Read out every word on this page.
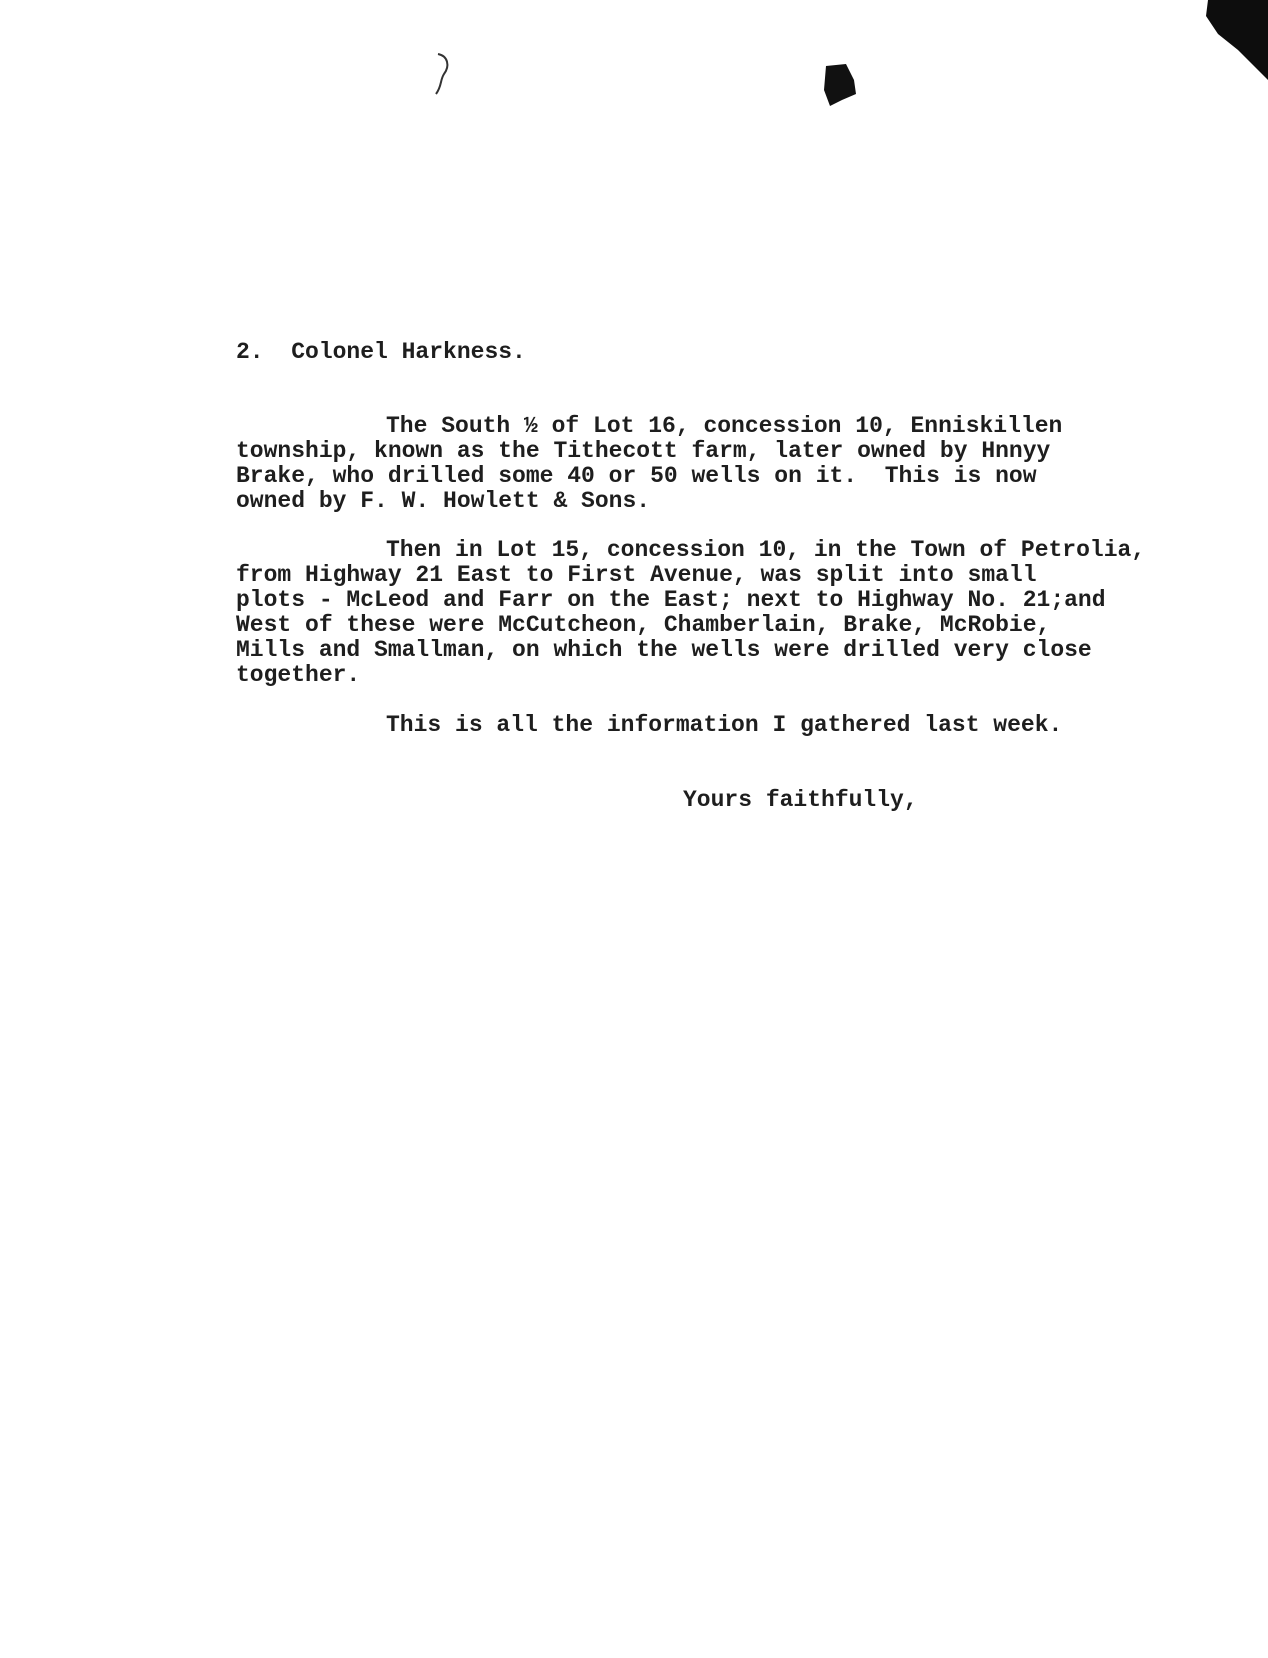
2.  Colonel Harkness.
The South ½ of Lot 16, concession 10, Enniskillen
township, known as the Tithecott farm, later owned by Hnnyy
Brake, who drilled some 40 or 50 wells on it.  This is now
owned by F. W. Howlett & Sons.
Then in Lot 15, concession 10, in the Town of Petrolia,
from Highway 21 East to First Avenue, was split into small
plots - McLeod and Farr on the East; next to Highway No. 21;and
West of these were McCutcheon, Chamberlain, Brake, McRobie,
Mills and Smallman, on which the wells were drilled very close
together.
This is all the information I gathered last week.
Yours faithfully,
